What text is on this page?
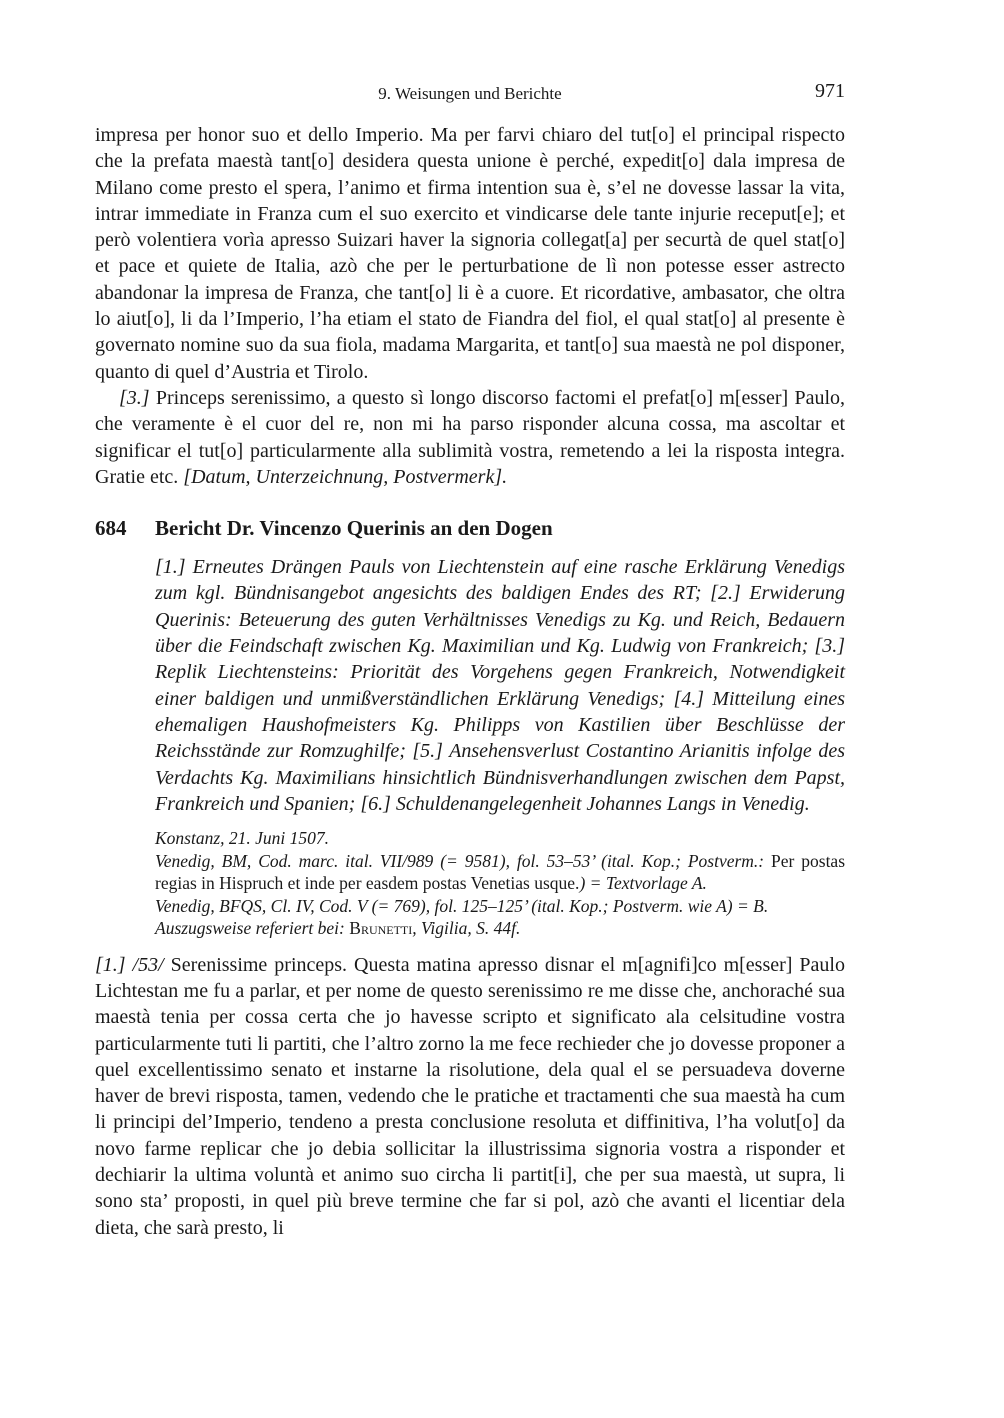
9. Weisungen und Berichte	971

impresa per honor suo et dello Imperio. Ma per farvi chiaro del tut[o] el principal rispecto che la prefata maestà tant[o] desidera questa unione è perché, expedit[o] dala impresa de Milano come presto el spera, l’animo et firma intention sua è, s’el ne dovesse lassar la vita, intrar immediate in Franza cum el suo exercito et vindicarse dele tante injurie receput[e]; et però volentiera vorìa apresso Suizari haver la signoria collegat[a] per securtà de quel stat[o] et pace et quiete de Italia, azò che per le perturbatione de lì non potesse esser astrecto abandonar la impresa de Franza, che tant[o] li è a cuore. Et ricordative, ambasator, che oltra lo aiut[o], li da l’Imperio, l’ha etiam el stato de Fiandra del fiol, el qual stat[o] al presente è governato nomine suo da sua fiola, madama Margarita, et tant[o] sua maestà ne pol disponer, quanto di quel d’Austria et Tirolo.

[3.] Princeps serenissimo, a questo sì longo discorso factomi el prefat[o] m[esser] Paulo, che veramente è el cuor del re, non mi ha parso risponder alcuna cossa, ma ascoltar et significar el tut[o] particularmente alla sublimità vostra, remetendo a lei la risposta integra. Gratie etc. [Datum, Unterzeichnung, Postvermerk].

684	Bericht Dr. Vincenzo Querinis an den Dogen
[1.] Erneutes Drängen Pauls von Liechtenstein auf eine rasche Erklärung Venedigs zum kgl. Bündnisangebot angesichts des baldigen Endes des RT; [2.] Erwiderung Querinis: Beteuerung des guten Verhältnisses Venedigs zu Kg. und Reich, Bedauern über die Feindschaft zwischen Kg. Maximilian und Kg. Ludwig von Frankreich; [3.] Replik Liechtensteins: Priorität des Vorgehens gegen Frankreich, Notwendigkeit einer baldigen und unmißverständlichen Erklärung Venedigs; [4.] Mitteilung eines ehemaligen Haushofmeisters Kg. Philipps von Kastilien über Beschlüsse der Reichsstände zur Romzughilfe; [5.] Ansehensverlust Costantino Arianitis infolge des Verdachts Kg. Maximilians hinsichtlich Bündnisverhandlungen zwischen dem Papst, Frankreich und Spanien; [6.] Schuldenangelegenheit Johannes Langs in Venedig.

Konstanz, 21. Juni 1507.

Venedig, BM, Cod. marc. ital. VII/989 (= 9581), fol. 53–53’ (ital. Kop.; Postverm.: Per postas regias in Hispruch et inde per easdem postas Venetias usque.) = Textvorlage A.

Venedig, BFQS, Cl. IV, Cod. V (= 769), fol. 125–125’ (ital. Kop.; Postverm. wie A) = B.

Auszugsweise referiert bei: Brunetti, Vigilia, S. 44f.

[1.] /53/ Serenissime princeps. Questa matina apresso disnar el m[agnifi]co m[esser] Paulo Lichtestan me fu a parlar, et per nome de questo serenissimo re me disse che, anchoraché sua maestà tenia per cossa certa che jo havesse scripto et significato ala celsitudine vostra particularmente tuti li partiti, che l’altro zorno la me fece rechieder che jo dovesse proponer a quel excellentissimo senato et instarne la risolutione, dela qual el se persuadeva doverne haver de brevi risposta, tamen, vedendo che le pratiche et tractamenti che sua maestà ha cum li principi del’Imperio, tendeno a presta conclusione resoluta et diffinitiva, l’ha volut[o] da novo farme replicar che jo debia sollicitar la illustrissima signoria vostra a risponder et dechiarir la ultima voluntà et animo suo circha li partit[i], che per sua maestà, ut supra, li sono sta’ proposti, in quel più breve termine che far si pol, azò che avanti el licentiar dela dieta, che sarà presto, li
